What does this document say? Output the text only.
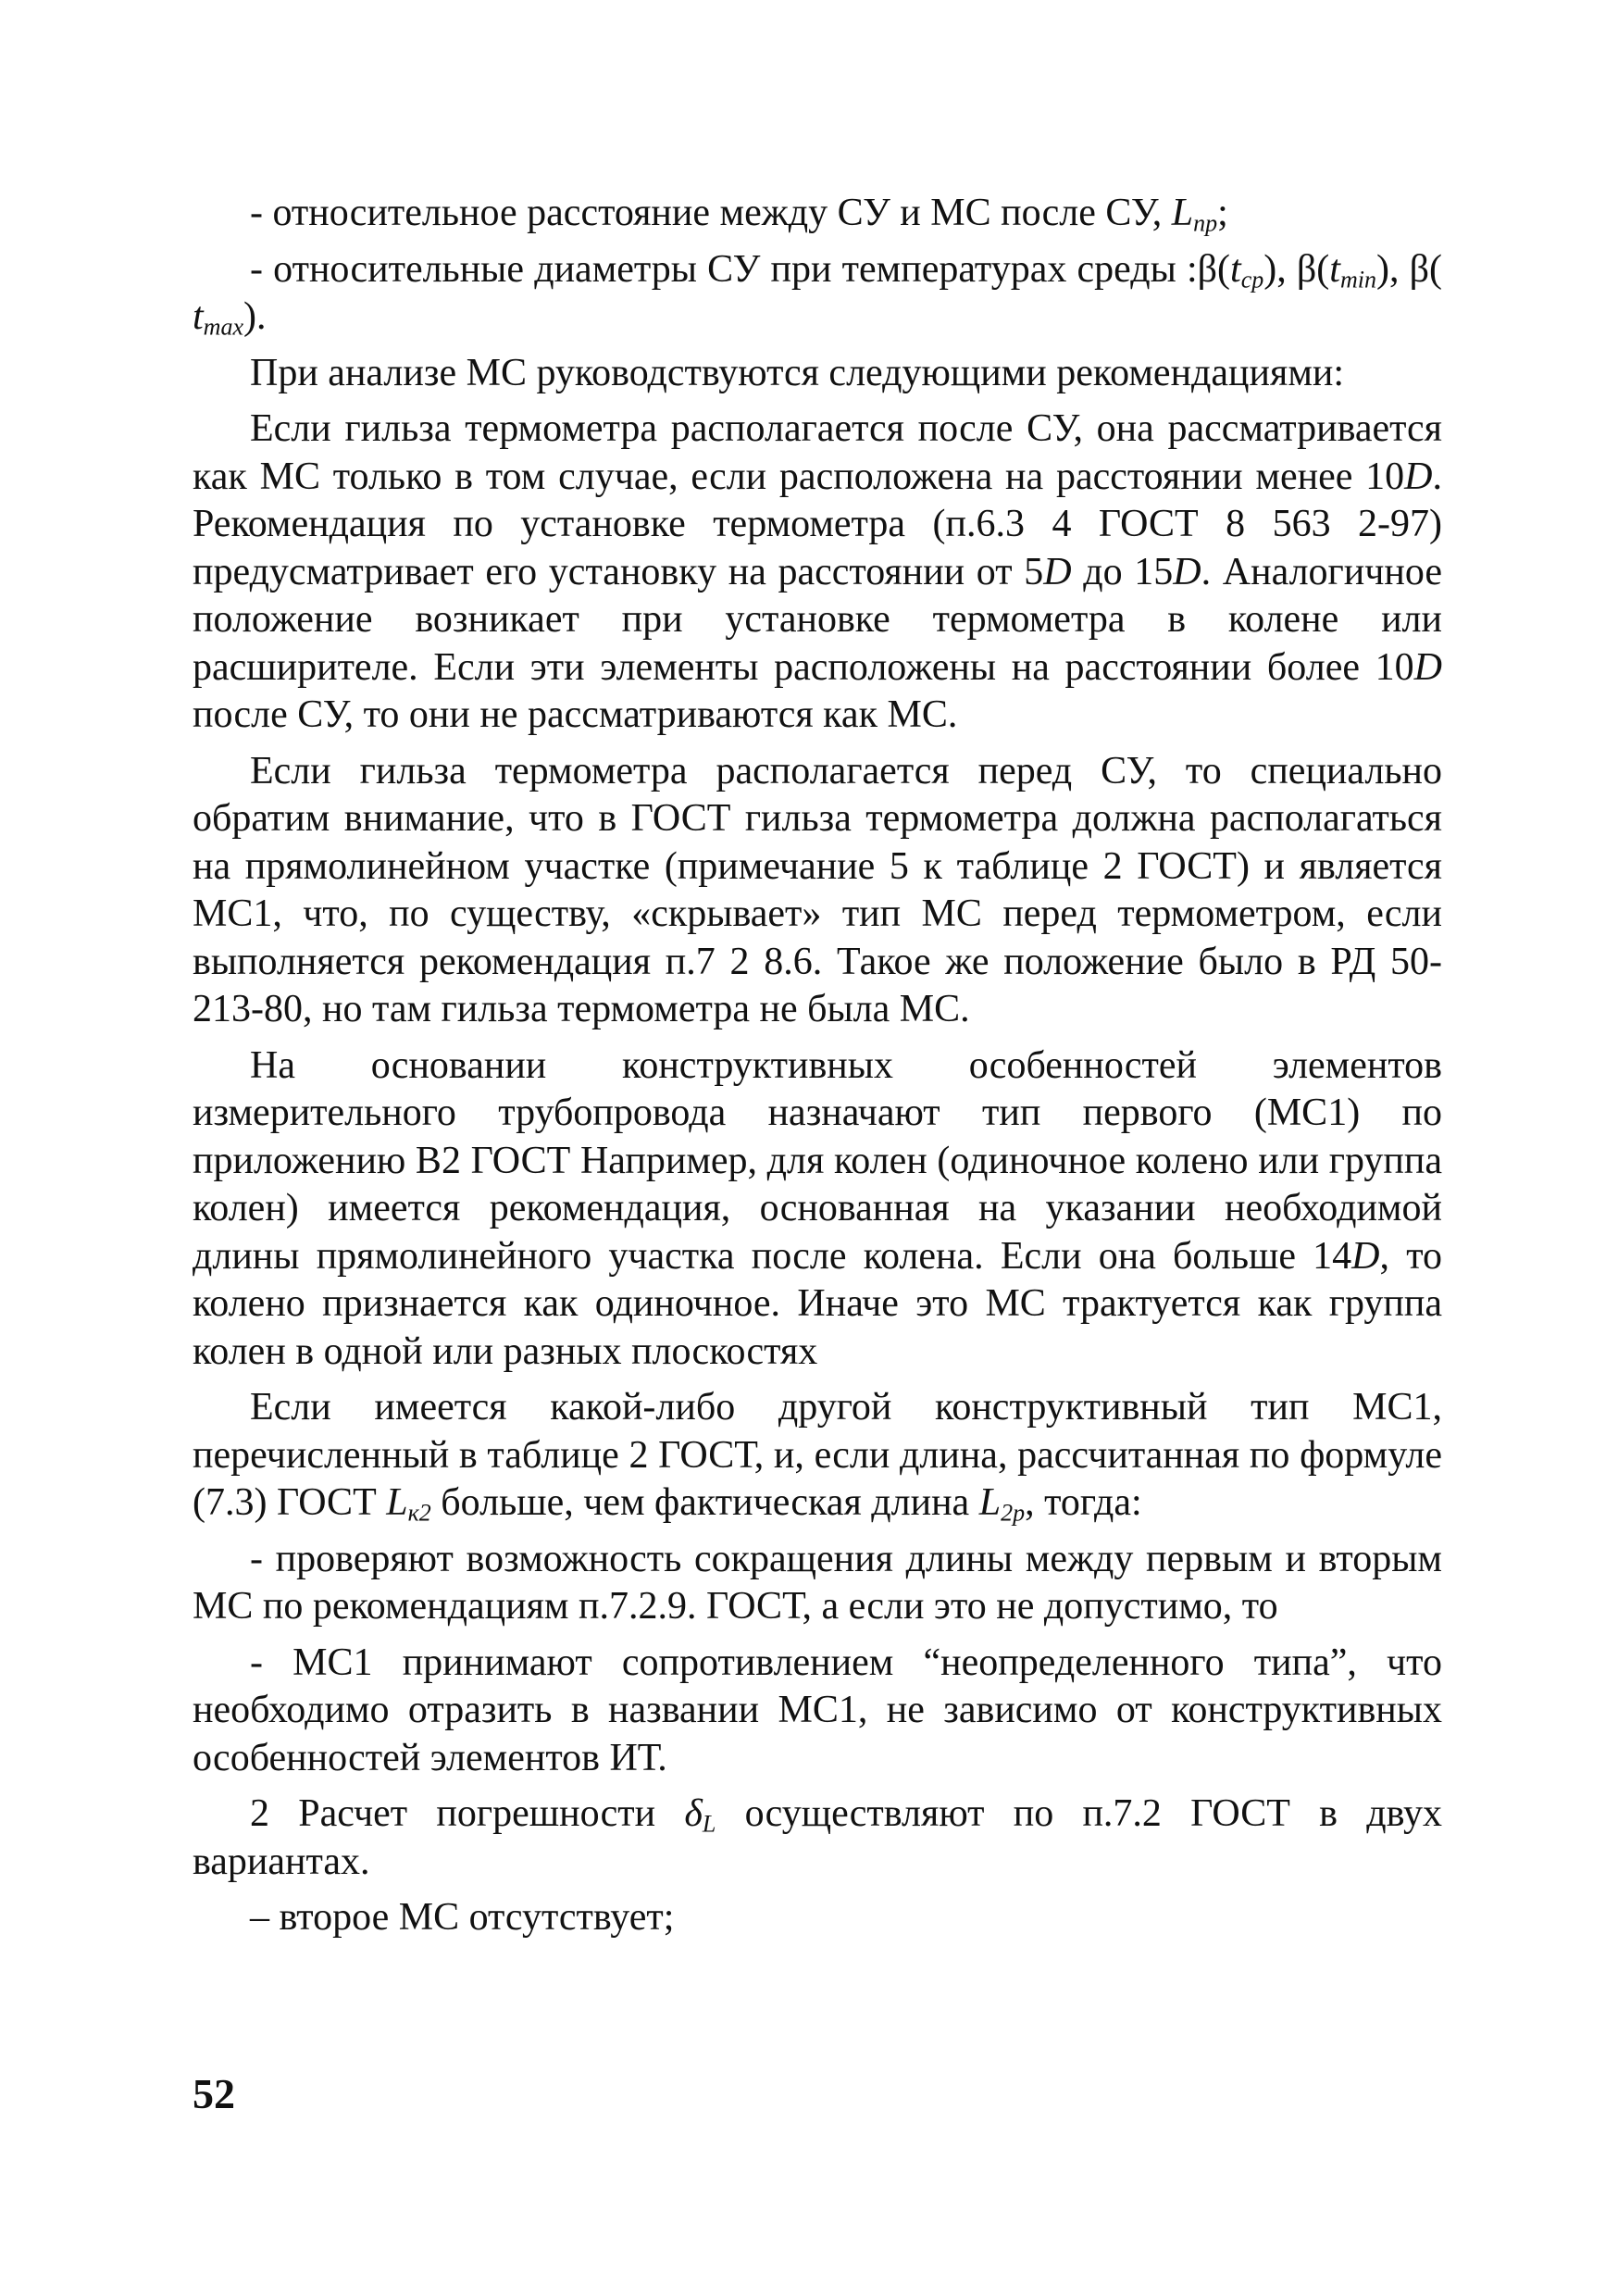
- относительное расстояние между СУ и МС после СУ, $L_{пр}$;

- относительные диаметры СУ при температурах среды $:\beta(t_{ср})$, $\beta(t_{min})$, β( $t_{max}$).

При анализе МС руководствуются следующими рекомендациями:

Если гильза термометра располагается после СУ, она рассматривается как МС только в том случае, если расположена на расстоянии менее 10D. Рекомендация по установке термометра (п.6.3 4 ГОСТ 8 563 2-97) предусматривает его установку на расстоянии от 5D до 15D. Аналогичное положение возникает при установке термометра в колене или расширителе. Если эти элементы расположены на расстоянии более 10D после СУ, то они не рассматриваются как МС.

Если гильза термометра располагается перед СУ, то специально обратим внимание, что в ГОСТ гильза термометра должна располагаться на прямолинейном участке (примечание 5 к таблице 2 ГОСТ) и является МС1, что, по существу, «скрывает» тип МС перед термометром, если выполняется рекомендация п.7 2 8.6. Такое же положение было в РД 50-213-80, но там гильза термометра не была МС.

На основании конструктивных особенностей элементов измерительного трубопровода назначают тип первого (МС1) по приложению В2 ГОСТ Например, для колен (одиночное колено или группа колен) имеется рекомендация, основанная на указании необходимой длины прямолинейного участка после колена. Если она больше 14D, то колено признается как одиночное. Иначе это МС трактуется как группа колен в одной или разных плоскостях

Если имеется какой-либо другой конструктивный тип МС1, перечисленный в таблице 2 ГОСТ, и, если длина, рассчитанная по формуле (7.3) ГОСТ $L_{к2}$ больше, чем фактическая длина $L_{2р}$, тогда:

- проверяют возможность сокращения длины между первым и вторым МС по рекомендациям п.7.2.9. ГОСТ, а если это не допустимо, то

- МС1 принимают сопротивлением “неопределенного типа”, что необходимо отразить в названии МС1, не зависимо от конструктивных особенностей элементов ИТ.

2 Расчет погрешности $\delta_L$ осуществляют по п.7.2 ГОСТ в двух вариантах.

– второе МС отсутствует;

52
